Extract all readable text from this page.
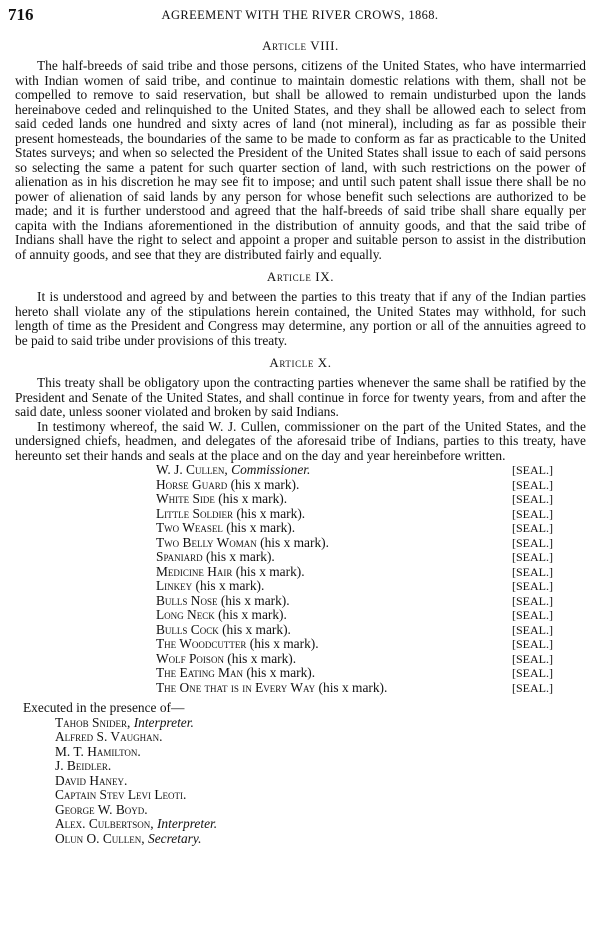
716	AGREEMENT WITH THE RIVER CROWS, 1868.
Article VIII.

The half-breeds of said tribe and those persons, citizens of the United States, who have intermarried with Indian women of said tribe, and continue to maintain domestic relations with them, shall not be compelled to remove to said reservation, but shall be allowed to remain undisturbed upon the lands hereinabove ceded and relinquished to the United States, and they shall be allowed each to select from said ceded lands one hundred and sixty acres of land (not mineral), including as far as possible their present homesteads, the boundaries of the same to be made to conform as far as practicable to the United States surveys; and when so selected the President of the United States shall issue to each of said persons so selecting the same a patent for such quarter section of land, with such restrictions on the power of alienation as in his discretion he may see fit to impose; and until such patent shall issue there shall be no power of alienation of said lands by any person for whose benefit such selections are authorized to be made; and it is further understood and agreed that the half-breeds of said tribe shall share equally per capita with the Indians aforementioned in the distribution of annuity goods, and that the said tribe of Indians shall have the right to select and appoint a proper and suitable person to assist in the distribution of annuity goods, and see that they are distributed fairly and equally.

Article IX.

It is understood and agreed by and between the parties to this treaty that if any of the Indian parties hereto shall violate any of the stipulations herein contained, the United States may withhold, for such length of time as the President and Congress may determine, any portion or all of the annuities agreed to be paid to said tribe under provisions of this treaty.

Article X.

This treaty shall be obligatory upon the contracting parties whenever the same shall be ratified by the President and Senate of the United States, and shall continue in force for twenty years, from and after the said date, unless sooner violated and broken by said Indians.

In testimony whereof, the said W. J. Cullen, commissioner on the part of the United States, and the undersigned chiefs, headmen, and delegates of the aforesaid tribe of Indians, parties to this treaty, have hereunto set their hands and seals at the place and on the day and year hereinbefore written.

W. J. Cullen, Commissioner.	[SEAL.]
Horse Guard (his x mark).	[SEAL.]
White Side (his x mark).	[SEAL.]
Little Soldier (his x mark).	[SEAL.]
Two Weasel (his x mark).	[SEAL.]
Two Belly Woman (his x mark).	[SEAL.]
Spaniard (his x mark).	[SEAL.]
Medicine Hair (his x mark).	[SEAL.]
Linkey (his x mark).	[SEAL.]
Bulls Nose (his x mark).	[SEAL.]
Long Neck (his x mark).	[SEAL.]
Bulls Cock (his x mark).	[SEAL.]
The Woodcutter (his x mark).	[SEAL.]
Wolf Poison (his x mark).	[SEAL.]
The Eating Man (his x mark).	[SEAL.]
The One that is in Every Way (his x mark).	[SEAL.]
Executed in the presence of—
Tahob Snider, Interpreter.
Alfred S. Vaughan.
M. T. Hamilton.
J. Beidler.
David Haney.
Captain Stev Levi Leoti.
George W. Boyd.
Alex. Culbertson, Interpreter.
Olun O. Cullen, Secretary.
